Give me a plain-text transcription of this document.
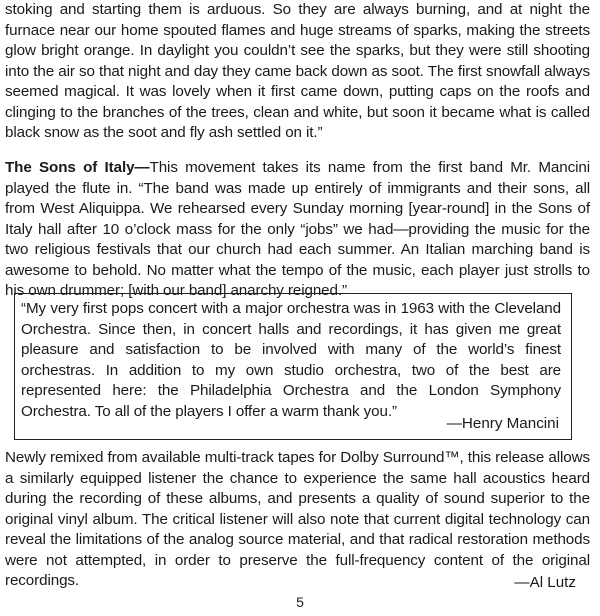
stoking and starting them is arduous. So they are always burning, and at night the furnace near our home spouted flames and huge streams of sparks, making the streets glow bright orange. In daylight you couldn’t see the sparks, but they were still shooting into the air so that night and day they came back down as soot. The first snowfall always seemed magical. It was lovely when it first came down, putting caps on the roofs and clinging to the branches of the trees, clean and white, but soon it became what is called black snow as the soot and fly ash settled on it.”

The Sons of Italy—This movement takes its name from the first band Mr. Mancini played the flute in. “The band was made up entirely of immigrants and their sons, all from West Aliquippa. We rehearsed every Sunday morning [year-round] in the Sons of Italy hall after 10 o’clock mass for the only “jobs” we had—providing the music for the two religious festivals that our church had each summer. An Italian marching band is awesome to behold. No matter what the tempo of the music, each player just strolls to his own drummer; [with our band] anarchy reigned.”

“My very first pops concert with a major orchestra was in 1963 with the Cleveland Orchestra. Since then, in concert halls and recordings, it has given me great pleasure and satisfaction to be involved with many of the world’s finest orchestras. In addition to my own studio orchestra, two of the best are represented here: the Philadelphia Orchestra and the London Symphony Orchestra. To all of the players I offer a warm thank you.”

—Henry Mancini

Newly remixed from available multi-track tapes for Dolby Surround™, this release allows a similarly equipped listener the chance to experience the same hall acoustics heard during the recording of these albums, and presents a quality of sound superior to the original vinyl album. The critical listener will also note that current digital technology can reveal the limitations of the analog source material, and that radical restoration methods were not attempted, in order to preserve the full-frequency content of the original recordings.	—Al Lutz

5
